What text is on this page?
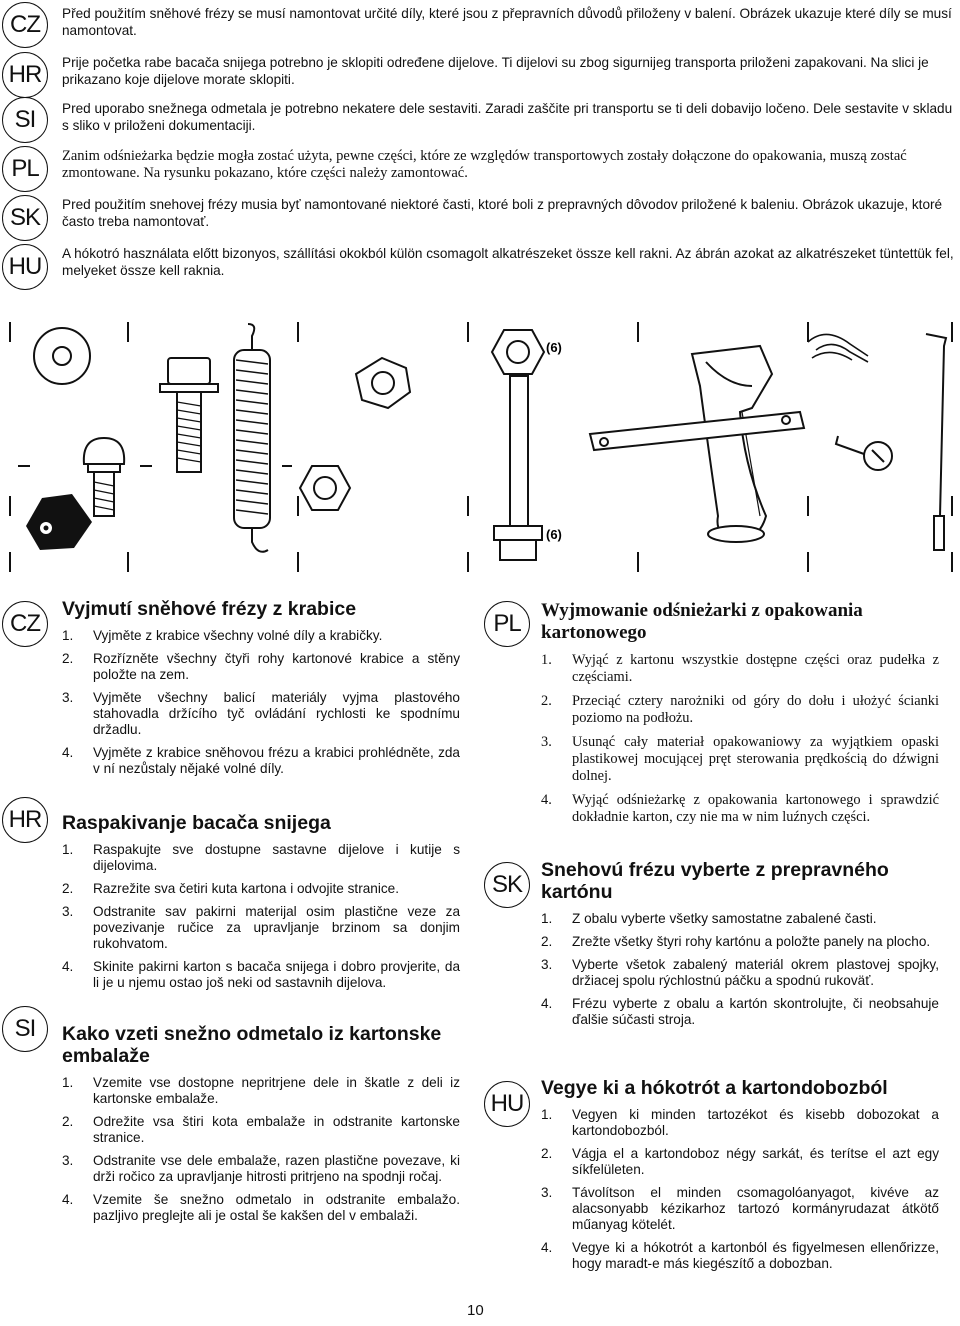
CZ
HR
SI
PL
SK
HU
Před použitím sněhové frézy se musí namontovat určité díly, které jsou z přepravních důvodů přiloženy v balení. Obrázek ukazuje které díly se musí namontovat.
Prije početka rabe bacača snijega potrebno je sklopiti određene dijelove. Ti dijelovi su zbog sigurnijeg transporta priloženi zapakovani. Na slici je prikazano koje dijelove morate sklopiti.
Pred uporabo snežnega odmetala je potrebno nekatere dele sestaviti. Zaradi zaščite pri transportu se ti deli dobavijo ločeno. Dele sestavite v skladu s sliko v priloženi dokumentaciji.
Zanim odśnieżarka będzie mogła zostać użyta, pewne części, które ze względów transportowych zostały dołączone do opakowania, muszą zostać zmontowane. Na rysunku pokazano, które części należy zamontować.
Pred použitím snehovej frézy musia byť namontované niektoré časti, ktoré boli z prepravných dôvodov priložené k baleniu. Obrázok ukazuje, ktoré často treba namontovať.
A hókotró használata előtt bizonyos, szállítási okokból külön csomagolt alkatrészeket össze kell rakni. Az ábrán azokat az alkatrészeket tüntettük fel, melyeket össze kell raknia.
(6)
(6)
CZ
HR
SI
PL
SK
HU
Vyjmutí sněhové frézy z krabice
1. Vyjměte z krabice všechny volné díly a krabičky.
2. Rozřízněte všechny čtyři rohy kartonové krabice a stěny položte na zem.
3. Vyjměte všechny balicí materiály vyjma plastového stahovadla držícího tyč ovládání rychlosti ke spodnímu držadlu.
4. Vyjměte z krabice sněhovou frézu a krabici prohlédněte, zda v ní nezůstaly nějaké volné díly.
Raspakivanje bacača snijega
1. Raspakujte sve dostupne sastavne dijelove i kutije s dijelovima.
2. Razrežite sva četiri kuta kartona i odvojite stranice.
3. Odstranite sav pakirni materijal osim plastične veze za povezivanje ručice za upravljanje brzinom sa donjim rukohvatom.
4. Skinite pakirni karton s bacača snijega i dobro provjerite, da li je u njemu ostao još neki od sastavnih dijelova.
Kako vzeti snežno odmetalo iz kartonske embalaže
1. Vzemite vse dostopne nepritrjene dele in škatle z deli iz kartonske embalaže.
2. Odrežite vsa štiri kota embalaže in odstranite kartonske stranice.
3. Odstranite vse dele embalaže, razen plastične povezave, ki drži ročico za upravljanje hitrosti pritrjeno na spodnji ročaj.
4. Vzemite še snežno odmetalo in odstranite embalažo. pazljivo preglejte ali je ostal še kakšen del v embalaži.
Wyjmowanie odśnieżarki z opakowania kartonowego
1. Wyjąć z kartonu wszystkie dostępne części oraz pudełka z częściami.
2. Przeciąć cztery narożniki od góry do dołu i ułożyć ścianki poziomo na podłożu.
3. Usunąć cały materiał opakowaniowy za wyjątkiem opaski plastikowej mocującej pręt sterowania prędkością do dźwigni dolnej.
4. Wyjąć odśnieżarkę z opakowania kartonowego i sprawdzić dokładnie karton, czy nie ma w nim luźnych części.
Snehovú frézu vyberte z prepravného kartónu
1. Z obalu vyberte všetky samostatne zabalené časti.
2. Zrežte všetky štyri rohy kartónu a položte panely na plocho.
3. Vyberte všetok zabalený materiál okrem plastovej spojky, držiacej spolu rýchlostnú páčku a spodnú rukoväť.
4. Frézu vyberte z obalu a kartón skontrolujte, či neobsahuje ďalšie súčasti stroja.
Vegye ki a hókotrót a kartondobozból
1. Vegyen ki minden tartozékot és kisebb dobozokat a kartondobozból.
2. Vágja el a kartondoboz négy sarkát, és terítse el azt egy síkfelületen.
3. Távolítson el minden csomagolóanyagot, kivéve az alacsonyabb kézikarhoz tartozó kormányrudazat átkötő műanyag kötelét.
4. Vegye ki a hókotrót a kartonból és figyelmesen ellenőrizze, hogy maradt-e más kiegészítő a dobozban.
10
